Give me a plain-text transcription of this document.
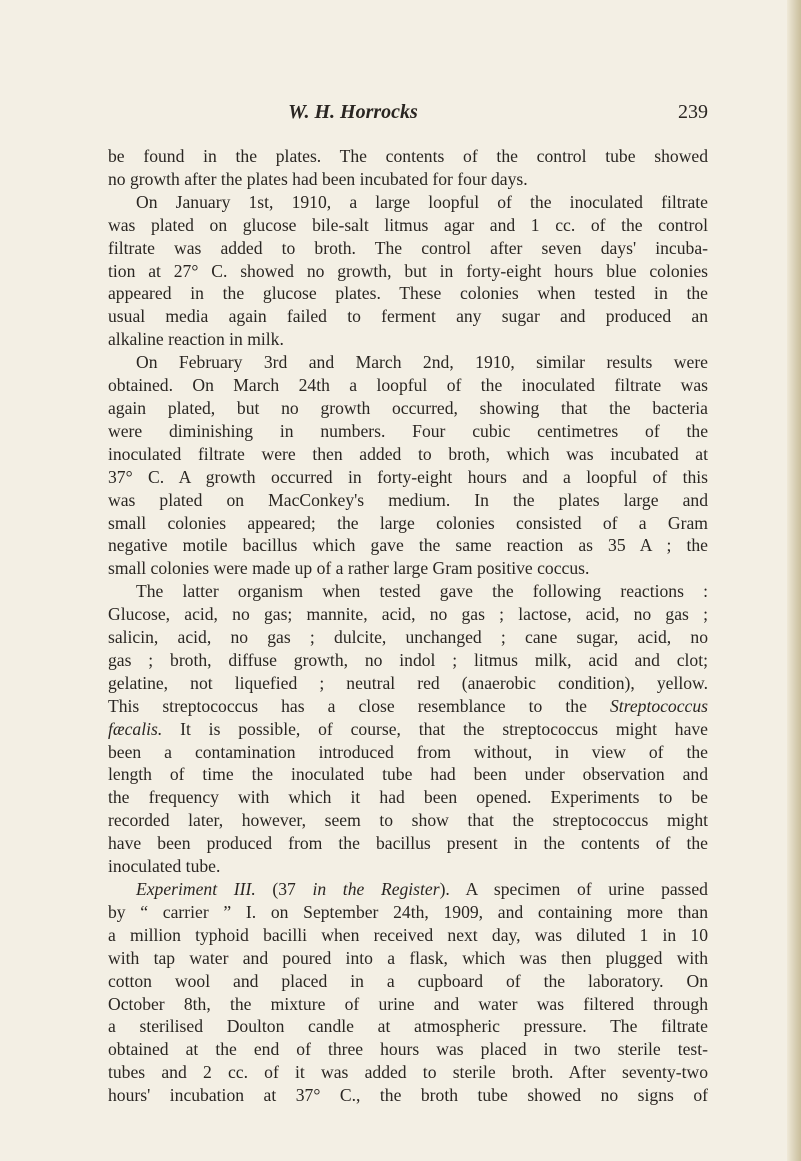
W. H. Horrocks	239
be found in the plates. The contents of the control tube showed
no growth after the plates had been incubated for four days.
On January 1st, 1910, a large loopful of the inoculated filtrate
was plated on glucose bile-salt litmus agar and 1 cc. of the control
filtrate was added to broth. The control after seven days' incuba-
tion at 27° C. showed no growth, but in forty-eight hours blue colonies
appeared in the glucose plates. These colonies when tested in the
usual media again failed to ferment any sugar and produced an
alkaline reaction in milk.
On February 3rd and March 2nd, 1910, similar results were
obtained. On March 24th a loopful of the inoculated filtrate was
again plated, but no growth occurred, showing that the bacteria
were diminishing in numbers. Four cubic centimetres of the
inoculated filtrate were then added to broth, which was incubated at
37° C. A growth occurred in forty-eight hours and a loopful of this
was plated on MacConkey's medium. In the plates large and
small colonies appeared; the large colonies consisted of a Gram
negative motile bacillus which gave the same reaction as 35 A ; the
small colonies were made up of a rather large Gram positive coccus.
The latter organism when tested gave the following reactions :
Glucose, acid, no gas; mannite, acid, no gas ; lactose, acid, no gas ;
salicin, acid, no gas ; dulcite, unchanged ; cane sugar, acid, no
gas ; broth, diffuse growth, no indol ; litmus milk, acid and clot;
gelatine, not liquefied ; neutral red (anaerobic condition), yellow.
This streptococcus has a close resemblance to the Streptococcus
fæcalis. It is possible, of course, that the streptococcus might have
been a contamination introduced from without, in view of the
length of time the inoculated tube had been under observation and
the frequency with which it had been opened. Experiments to be
recorded later, however, seem to show that the streptococcus might
have been produced from the bacillus present in the contents of the
inoculated tube.
Experiment III. (37 in the Register). A specimen of urine passed
by “ carrier ” I. on September 24th, 1909, and containing more than
a million typhoid bacilli when received next day, was diluted 1 in 10
with tap water and poured into a flask, which was then plugged with
cotton wool and placed in a cupboard of the laboratory. On
October 8th, the mixture of urine and water was filtered through
a sterilised Doulton candle at atmospheric pressure. The filtrate
obtained at the end of three hours was placed in two sterile test-
tubes and 2 cc. of it was added to sterile broth. After seventy-two
hours' incubation at 37° C., the broth tube showed no signs of
